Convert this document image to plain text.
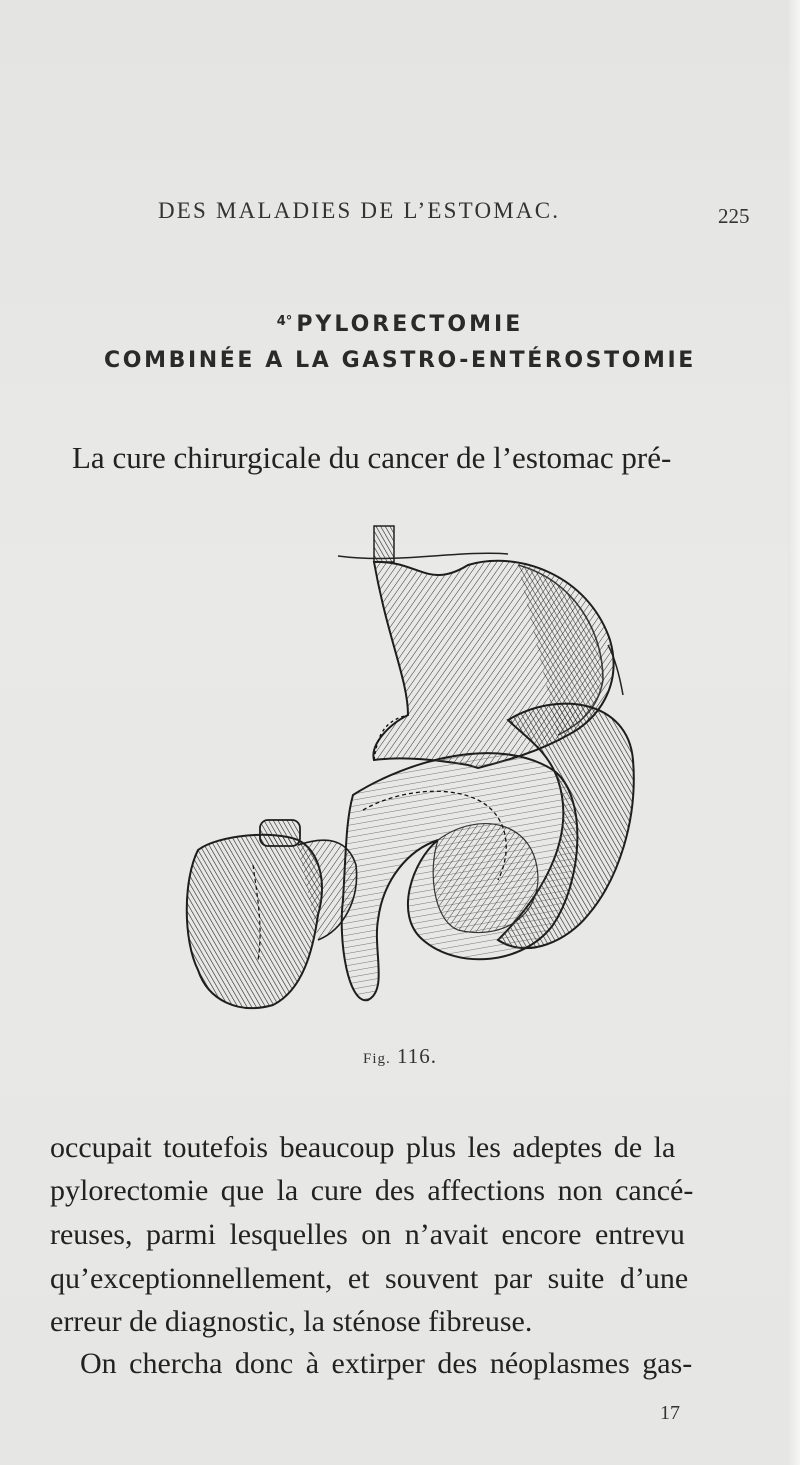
DES MALADIES DE L’ESTOMAC.	225
$^{4^\circ}$ PYLORECTOMIE
COMBINÉE A LA GASTRO-ENTÉROSTOMIE
La cure chirurgicale du cancer de l’estomac pré-
Fig. 116.
occupait toutefois beaucoup plus les adeptes de la
pylorectomie que la cure des affections non cancé-
reuses, parmi lesquelles on n’avait encore entrevu
qu’exceptionnellement, et souvent par suite d’une
erreur de diagnostic, la sténose fibreuse.
On chercha donc à extirper des néoplasmes gas-
17
